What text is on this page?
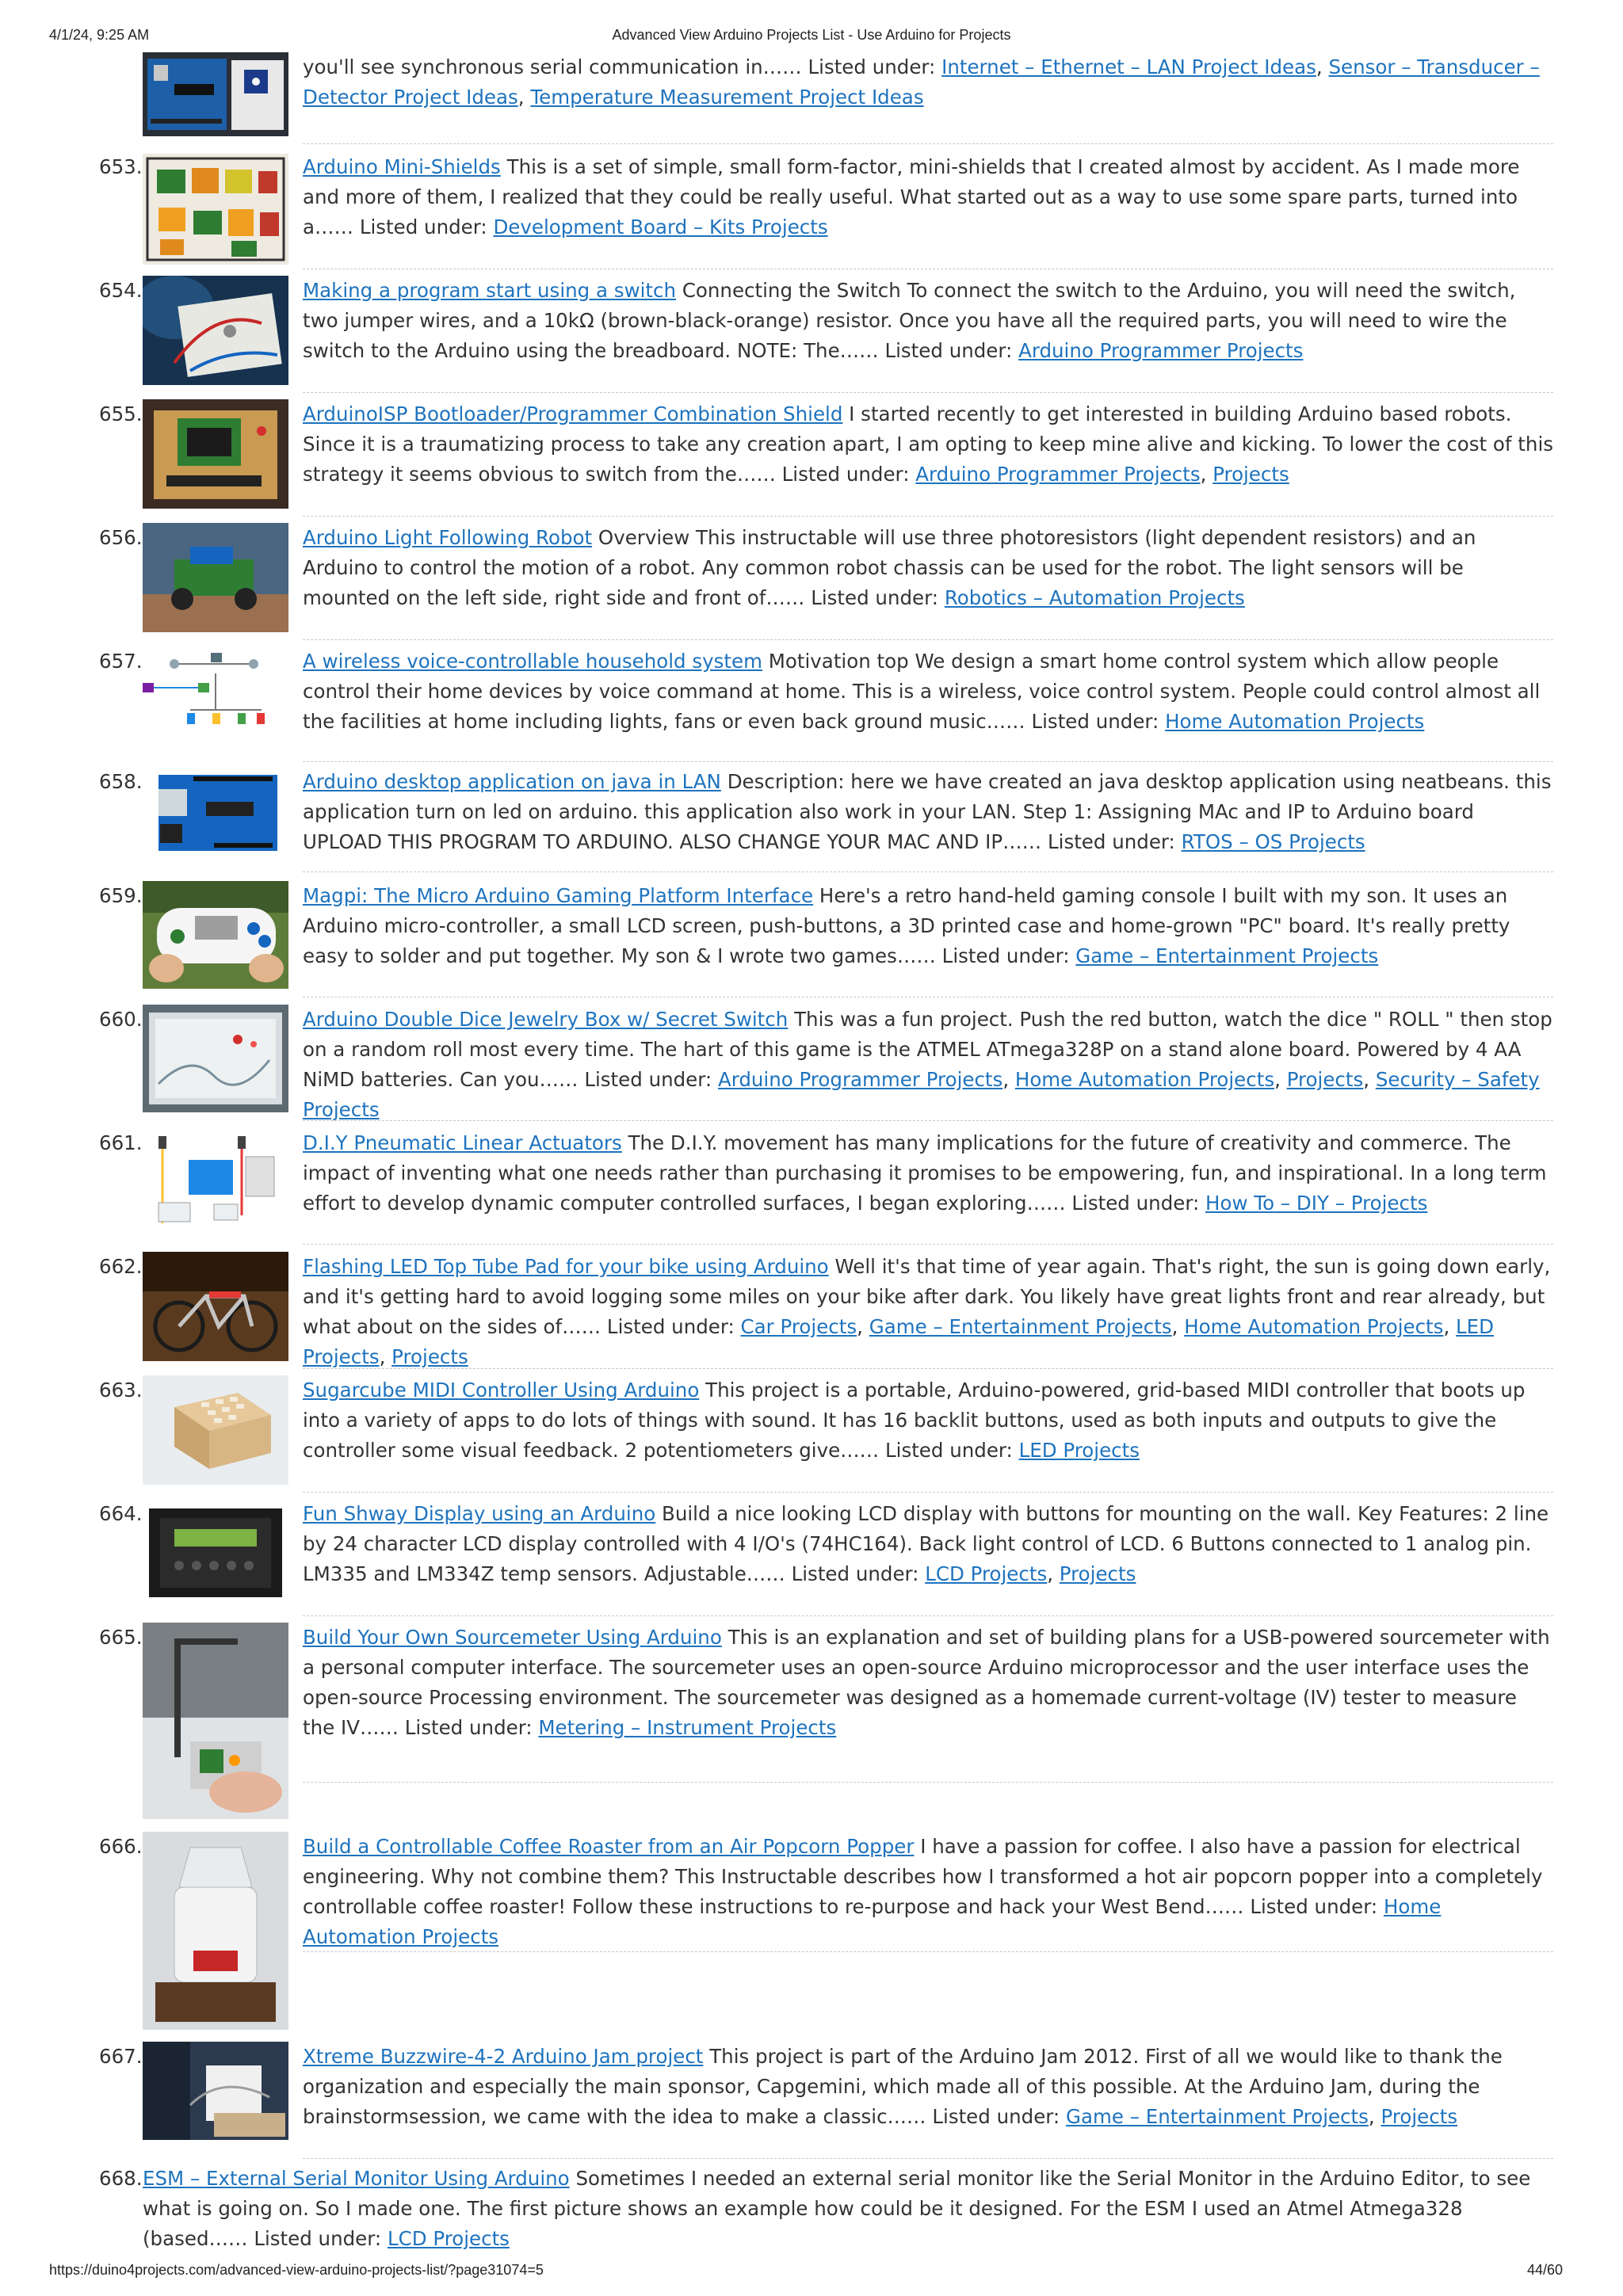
4/1/24, 9:25 AM	Advanced View Arduino Projects List - Use Arduino for Projects
you'll see synchronous serial communication in…… Listed under: Internet – Ethernet – LAN Project Ideas, Sensor – Transducer – Detector Project Ideas, Temperature Measurement Project Ideas
653.	Arduino Mini-Shields This is a set of simple, small form-factor, mini-shields that I created almost by accident. As I made more and more of them, I realized that they could be really useful. What started out as a way to use some spare parts, turned into a…… Listed under: Development Board – Kits Projects
654.	Making a program start using a switch Connecting the Switch To connect the switch to the Arduino, you will need the switch, two jumper wires, and a 10kΩ (brown-black-orange) resistor. Once you have all the required parts, you will need to wire the switch to the Arduino using the breadboard. NOTE: The…… Listed under: Arduino Programmer Projects
655.	ArduinoISP Bootloader/Programmer Combination Shield I started recently to get interested in building Arduino based robots. Since it is a traumatizing process to take any creation apart, I am opting to keep mine alive and kicking. To lower the cost of this strategy it seems obvious to switch from the…… Listed under: Arduino Programmer Projects, Projects
656.	Arduino Light Following Robot Overview This instructable will use three photoresistors (light dependent resistors) and an Arduino to control the motion of a robot. Any common robot chassis can be used for the robot. The light sensors will be mounted on the left side, right side and front of…… Listed under: Robotics – Automation Projects
657.	A wireless voice-controllable household system Motivation top We design a smart home control system which allow people control their home devices by voice command at home. This is a wireless, voice control system. People could control almost all the facilities at home including lights, fans or even back ground music…… Listed under: Home Automation Projects
658.	Arduino desktop application on java in LAN Description: here we have created an java desktop application using neatbeans. this application turn on led on arduino. this application also work in your LAN. Step 1: Assigning MAc and IP to Arduino board UPLOAD THIS PROGRAM TO ARDUINO. ALSO CHANGE YOUR MAC AND IP…… Listed under: RTOS – OS Projects
659.	Magpi: The Micro Arduino Gaming Platform Interface Here's a retro hand-held gaming console I built with my son. It uses an Arduino micro-controller, a small LCD screen, push-buttons, a 3D printed case and home-grown "PC" board. It's really pretty easy to solder and put together. My son & I wrote two games…… Listed under: Game – Entertainment Projects
660.	Arduino Double Dice Jewelry Box w/ Secret Switch This was a fun project. Push the red button, watch the dice " ROLL " then stop on a random roll most every time. The hart of this game is the ATMEL ATmega328P on a stand alone board. Powered by 4 AA NiMD batteries. Can you…… Listed under: Arduino Programmer Projects, Home Automation Projects, Projects, Security – Safety Projects
661.	D.I.Y Pneumatic Linear Actuators The D.I.Y. movement has many implications for the future of creativity and commerce. The impact of inventing what one needs rather than purchasing it promises to be empowering, fun, and inspirational. In a long term effort to develop dynamic computer controlled surfaces, I began exploring…… Listed under: How To – DIY – Projects
662.	Flashing LED Top Tube Pad for your bike using Arduino Well it's that time of year again. That's right, the sun is going down early, and it's getting hard to avoid logging some miles on your bike after dark. You likely have great lights front and rear already, but what about on the sides of…… Listed under: Car Projects, Game – Entertainment Projects, Home Automation Projects, LED Projects, Projects
663.	Sugarcube MIDI Controller Using Arduino This project is a portable, Arduino-powered, grid-based MIDI controller that boots up into a variety of apps to do lots of things with sound. It has 16 backlit buttons, used as both inputs and outputs to give the controller some visual feedback. 2 potentiometers give…… Listed under: LED Projects
664.	Fun Shway Display using an Arduino Build a nice looking LCD display with buttons for mounting on the wall. Key Features: 2 line by 24 character LCD display controlled with 4 I/O's (74HC164). Back light control of LCD. 6 Buttons connected to 1 analog pin. LM335 and LM334Z temp sensors. Adjustable…… Listed under: LCD Projects, Projects
665.	Build Your Own Sourcemeter Using Arduino This is an explanation and set of building plans for a USB-powered sourcemeter with a personal computer interface. The sourcemeter uses an open-source Arduino microprocessor and the user interface uses the open-source Processing environment. The sourcemeter was designed as a homemade current-voltage (IV) tester to measure the IV…… Listed under: Metering – Instrument Projects
666.	Build a Controllable Coffee Roaster from an Air Popcorn Popper I have a passion for coffee. I also have a passion for electrical engineering. Why not combine them? This Instructable describes how I transformed a hot air popcorn popper into a completely controllable coffee roaster! Follow these instructions to re-purpose and hack your West Bend…… Listed under: Home Automation Projects
667.	Xtreme Buzzwire-4-2 Arduino Jam project This project is part of the Arduino Jam 2012. First of all we would like to thank the organization and especially the main sponsor, Capgemini, which made all of this possible. At the Arduino Jam, during the brainstormsession, we came with the idea to make a classic…… Listed under: Game – Entertainment Projects, Projects
668. ESM – External Serial Monitor Using Arduino Sometimes I needed an external serial monitor like the Serial Monitor in the Arduino Editor, to see what is going on. So I made one. The first picture shows an example how could be it designed. For the ESM I used an Atmel Atmega328 (based…… Listed under: LCD Projects
https://duino4projects.com/advanced-view-arduino-projects-list/?page31074=5	44/60
